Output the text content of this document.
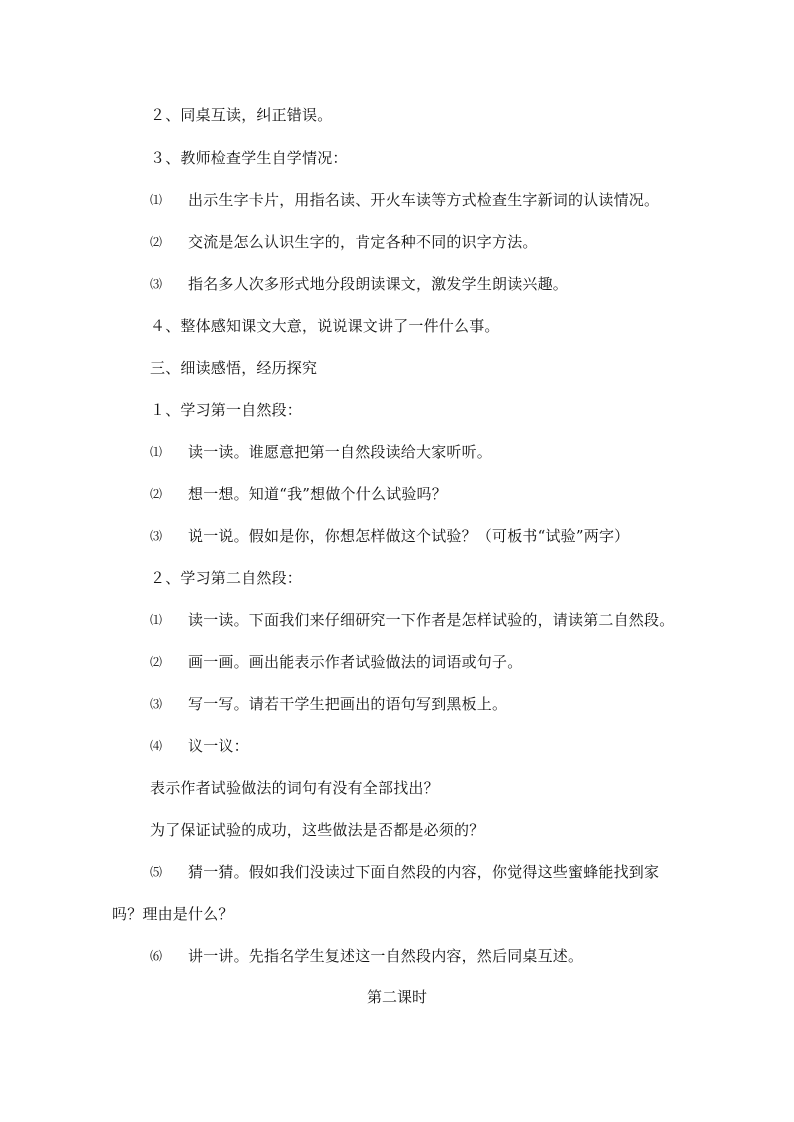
２、同桌互读，纠正错误。
３、教师检查学生自学情况：
⑴ 出示生字卡片，用指名读、开火车读等方式检查生字新词的认读情况。
⑵ 交流是怎么认识生字的，肯定各种不同的识字方法。
⑶ 指名多人次多形式地分段朗读课文，激发学生朗读兴趣。
４、整体感知课文大意，说说课文讲了一件什么事。
三、细读感悟，经历探究
１、学习第一自然段：
⑴ 读一读。谁愿意把第一自然段读给大家听听。
⑵ 想一想。知道“我”想做个什么试验吗？
⑶ 说一说。假如是你，你想怎样做这个试验？（可板书“试验”两字）
２、学习第二自然段：
⑴ 读一读。下面我们来仔细研究一下作者是怎样试验的，请读第二自然段。
⑵ 画一画。画出能表示作者试验做法的词语或句子。
⑶ 写一写。请若干学生把画出的语句写到黑板上。
⑷ 议一议：
表示作者试验做法的词句有没有全部找出？
为了保证试验的成功，这些做法是否都是必须的？
⑸ 猜一猜。假如我们没读过下面自然段的内容，你觉得这些蜜蜂能找到家
吗？理由是什么？
⑹ 讲一讲。先指名学生复述这一自然段内容，然后同桌互述。
第二课时
